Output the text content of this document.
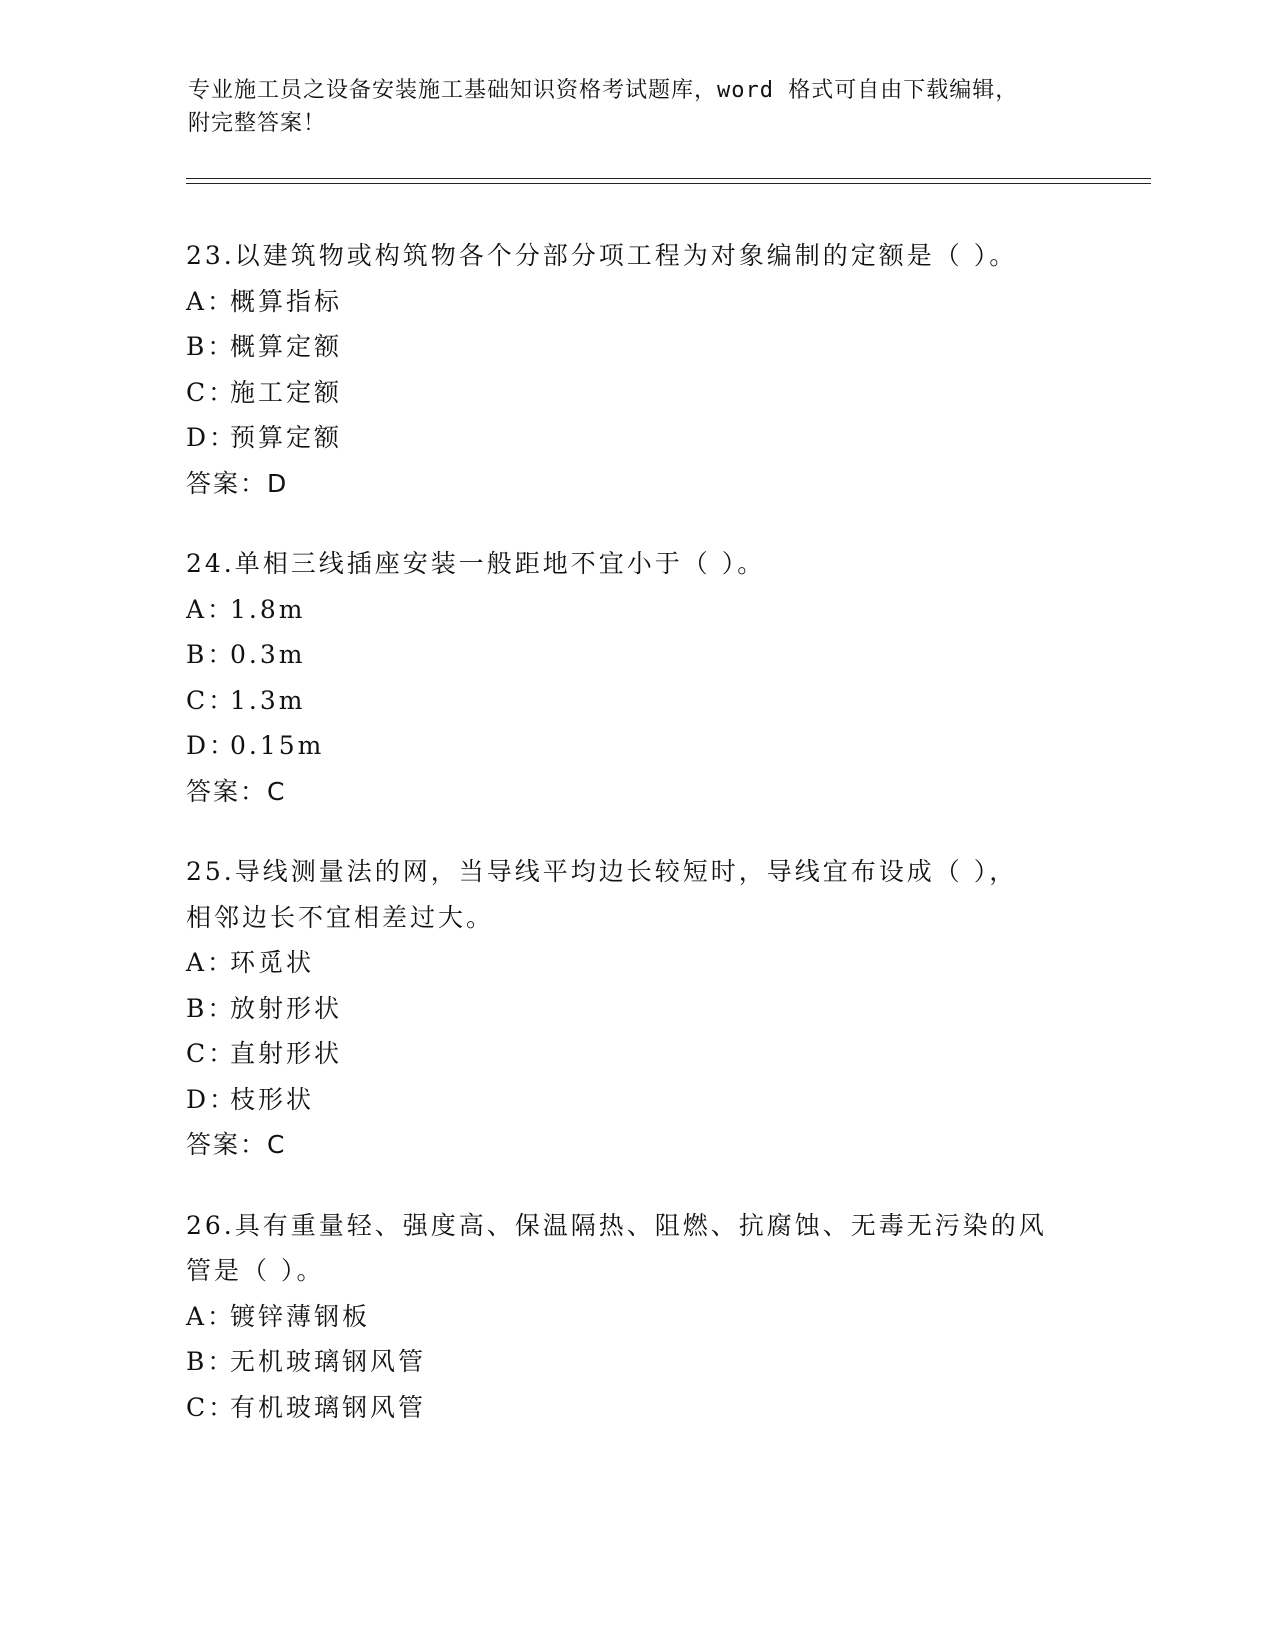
专业施工员之设备安装施工基础知识资格考试题库，word 格式可自由下载编辑，
附完整答案！
23.以建筑物或构筑物各个分部分项工程为对象编制的定额是（ ）。
A：概算指标
B：概算定额
C：施工定额
D：预算定额
答案：D
24.单相三线插座安装一般距地不宜小于（ ）。
A：1.8m
B：0.3m
C：1.3m
D：0.15m
答案：C
25.导线测量法的网，当导线平均边长较短时，导线宜布设成（ ），
相邻边长不宜相差过大。
A：环觅状
B：放射形状
C：直射形状
D：枝形状
答案：C
26.具有重量轻、强度高、保温隔热、阻燃、抗腐蚀、无毒无污染的风
管是（ ）。
A：镀锌薄钢板
B：无机玻璃钢风管
C：有机玻璃钢风管
